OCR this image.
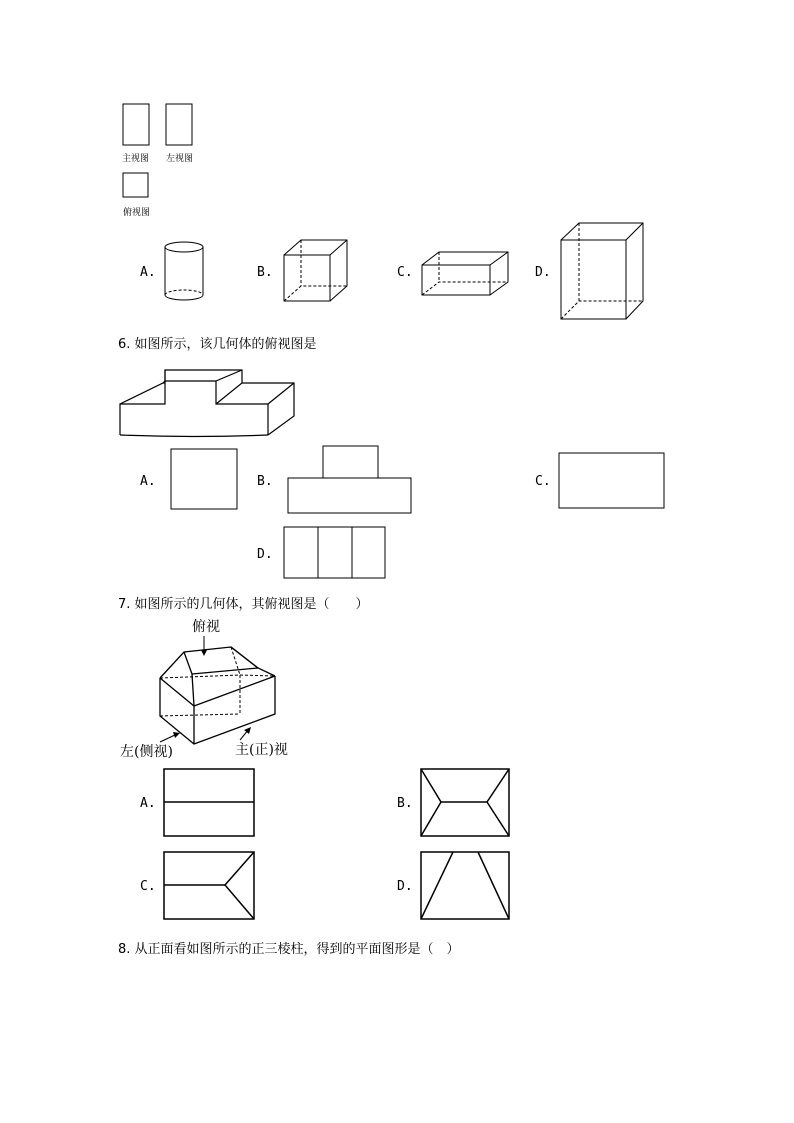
主视图 左视图
俯视图
A.	B.	C.	D.
6. 如图所示，该几何体的俯视图是
A.	B.	C.
D.
7. 如图所示的几何体，其俯视图是（　　）
俯视
左(侧视)	主(正)视
A.	B.
C.	D.
8. 从正面看如图所示的正三棱柱，得到的平面图形是（　）
